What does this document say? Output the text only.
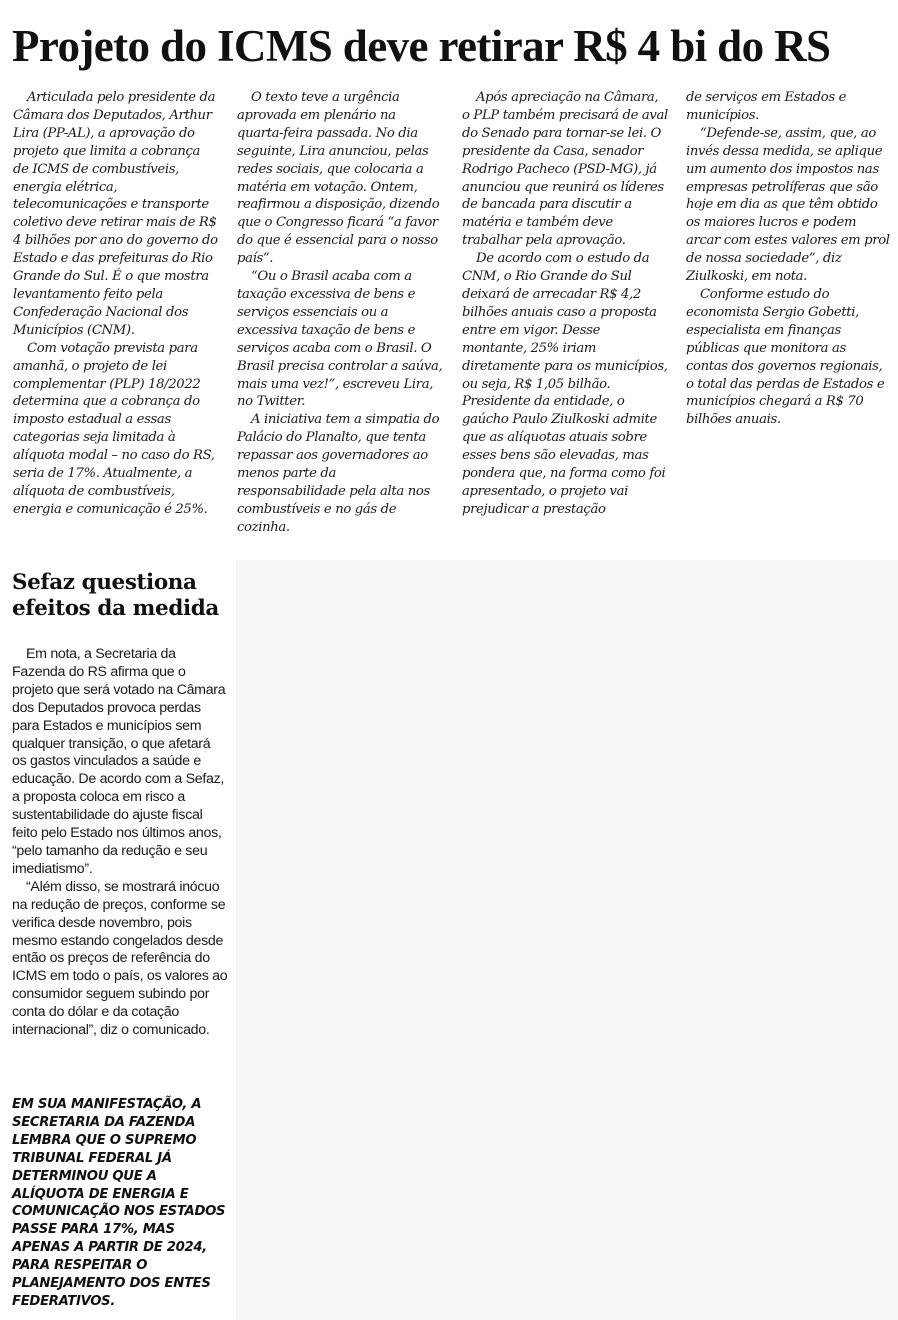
Projeto do ICMS deve retirar R$ 4 bi do RS

Articulada pelo presidente da Câmara dos Deputados, Arthur Lira (PP-AL), a aprovação do projeto que limita a cobrança de ICMS de combustíveis, energia elétrica, telecomunicações e transporte coletivo deve retirar mais de R$ 4 bilhões por ano do governo do Estado e das prefeituras do Rio Grande do Sul. É o que mostra levantamento feito pela Confederação Nacional dos Municípios (CNM).

Com votação prevista para amanhã, o projeto de lei complementar (PLP) 18/2022 determina que a cobrança do imposto estadual a essas categorias seja limitada à alíquota modal – no caso do RS, seria de 17%. Atualmente, a alíquota de combustíveis, energia e comunicação é 25%.

O texto teve a urgência aprovada em plenário na quarta-feira passada. No dia seguinte, Lira anunciou, pelas redes sociais, que colocaria a matéria em votação. Ontem, reafirmou a disposição, dizendo que o Congresso ficará “a favor do que é essencial para o nosso país”.

“Ou o Brasil acaba com a taxação excessiva de bens e serviços essenciais ou a excessiva taxação de bens e serviços acaba com o Brasil. O Brasil precisa controlar a saúva, mais uma vez!”, escreveu Lira, no Twitter.

A iniciativa tem a simpatia do Palácio do Planalto, que tenta repassar aos governadores ao menos parte da responsabilidade pela alta nos combustíveis e no gás de cozinha.

Após apreciação na Câmara, o PLP também precisará de aval do Senado para tornar-se lei. O presidente da Casa, senador Rodrigo Pacheco (PSD-MG), já anunciou que reunirá os líderes de bancada para discutir a matéria e também deve trabalhar pela aprovação.

De acordo com o estudo da CNM, o Rio Grande do Sul deixará de arrecadar R$ 4,2 bilhões anuais caso a proposta entre em vigor. Desse montante, 25% iriam diretamente para os municípios, ou seja, R$ 1,05 bilhão. Presidente da entidade, o gaúcho Paulo Ziulkoski admite que as alíquotas atuais sobre esses bens são elevadas, mas pondera que, na forma como foi apresentado, o projeto vai prejudicar a prestação

de serviços em Estados e municípios.

“Defende-se, assim, que, ao invés dessa medida, se aplique um aumento dos impostos nas empresas petrolíferas que são hoje em dia as que têm obtido os maiores lucros e podem arcar com estes valores em prol de nossa sociedade”, diz Ziulkoski, em nota.

Conforme estudo do economista Sergio Gobetti, especialista em finanças públicas que monitora as contas dos governos regionais, o total das perdas de Estados e municípios chegará a R$ 70 bilhões anuais.

Sefaz questiona efeitos da medida

Em nota, a Secretaria da Fazenda do RS afirma que o projeto que será votado na Câmara dos Deputados provoca perdas para Estados e municípios sem qualquer transição, o que afetará os gastos vinculados a saúde e educação. De acordo com a Sefaz, a proposta coloca em risco a sustentabilidade do ajuste fiscal feito pelo Estado nos últimos anos, “pelo tamanho da redução e seu imediatismo”.

“Além disso, se mostrará inócuo na redução de preços, conforme se verifica desde novembro, pois mesmo estando congelados desde então os preços de referência do ICMS em todo o país, os valores ao consumidor seguem subindo por conta do dólar e da cotação internacional”, diz o comunicado.

EM SUA MANIFESTAÇÃO, A SECRETARIA DA FAZENDA LEMBRA QUE O SUPREMO TRIBUNAL FEDERAL JÁ DETERMINOU QUE A ALÍQUOTA DE ENERGIA E COMUNICAÇÃO NOS ESTADOS PASSE PARA 17%, MAS APENAS A PARTIR DE 2024, PARA RESPEITAR O PLANEJAMENTO DOS ENTES FEDERATIVOS.
